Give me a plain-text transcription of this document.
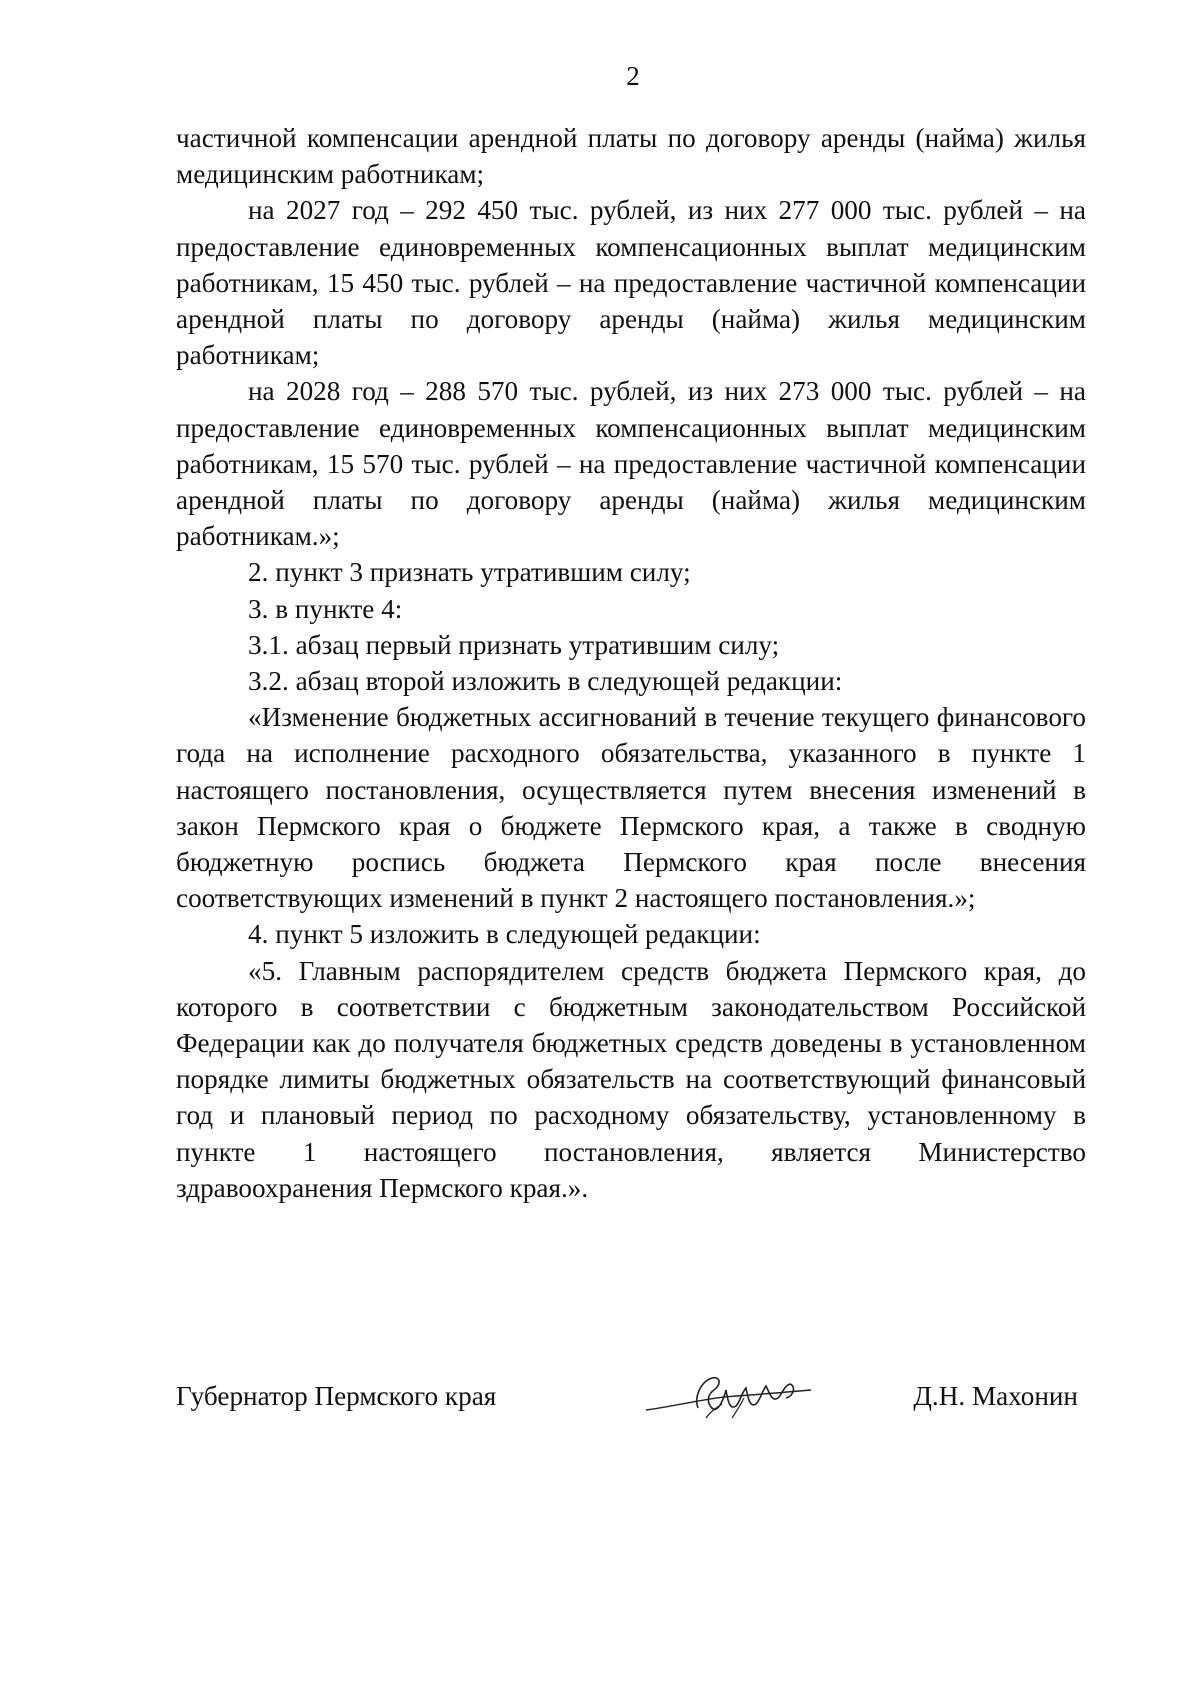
2

частичной компенсации арендной платы по договору аренды (найма) жилья медицинским работникам;

на 2027 год – 292 450 тыс. рублей, из них 277 000 тыс. рублей – на предоставление единовременных компенсационных выплат медицинским работникам, 15 450 тыс. рублей – на предоставление частичной компенсации арендной платы по договору аренды (найма) жилья медицинским работникам;

на 2028 год – 288 570 тыс. рублей, из них 273 000 тыс. рублей – на предоставление единовременных компенсационных выплат медицинским работникам, 15 570 тыс. рублей – на предоставление частичной компенсации арендной платы по договору аренды (найма) жилья медицинским работникам.»;

2. пункт 3 признать утратившим силу;

3. в пункте 4:

3.1. абзац первый признать утратившим силу;

3.2. абзац второй изложить в следующей редакции:

«Изменение бюджетных ассигнований в течение текущего финансового года на исполнение расходного обязательства, указанного в пункте 1 настоящего постановления, осуществляется путем внесения изменений в закон Пермского края о бюджете Пермского края, а также в сводную бюджетную роспись бюджета Пермского края после внесения соответствующих изменений в пункт 2 настоящего постановления.»;

4. пункт 5 изложить в следующей редакции:

«5. Главным распорядителем средств бюджета Пермского края, до которого в соответствии с бюджетным законодательством Российской Федерации как до получателя бюджетных средств доведены в установленном порядке лимиты бюджетных обязательств на соответствующий финансовый год и плановый период по расходному обязательству, установленному в пункте 1 настоящего постановления, является Министерство здравоохранения Пермского края.».

Губернатор Пермского края	Д.Н. Махонин
